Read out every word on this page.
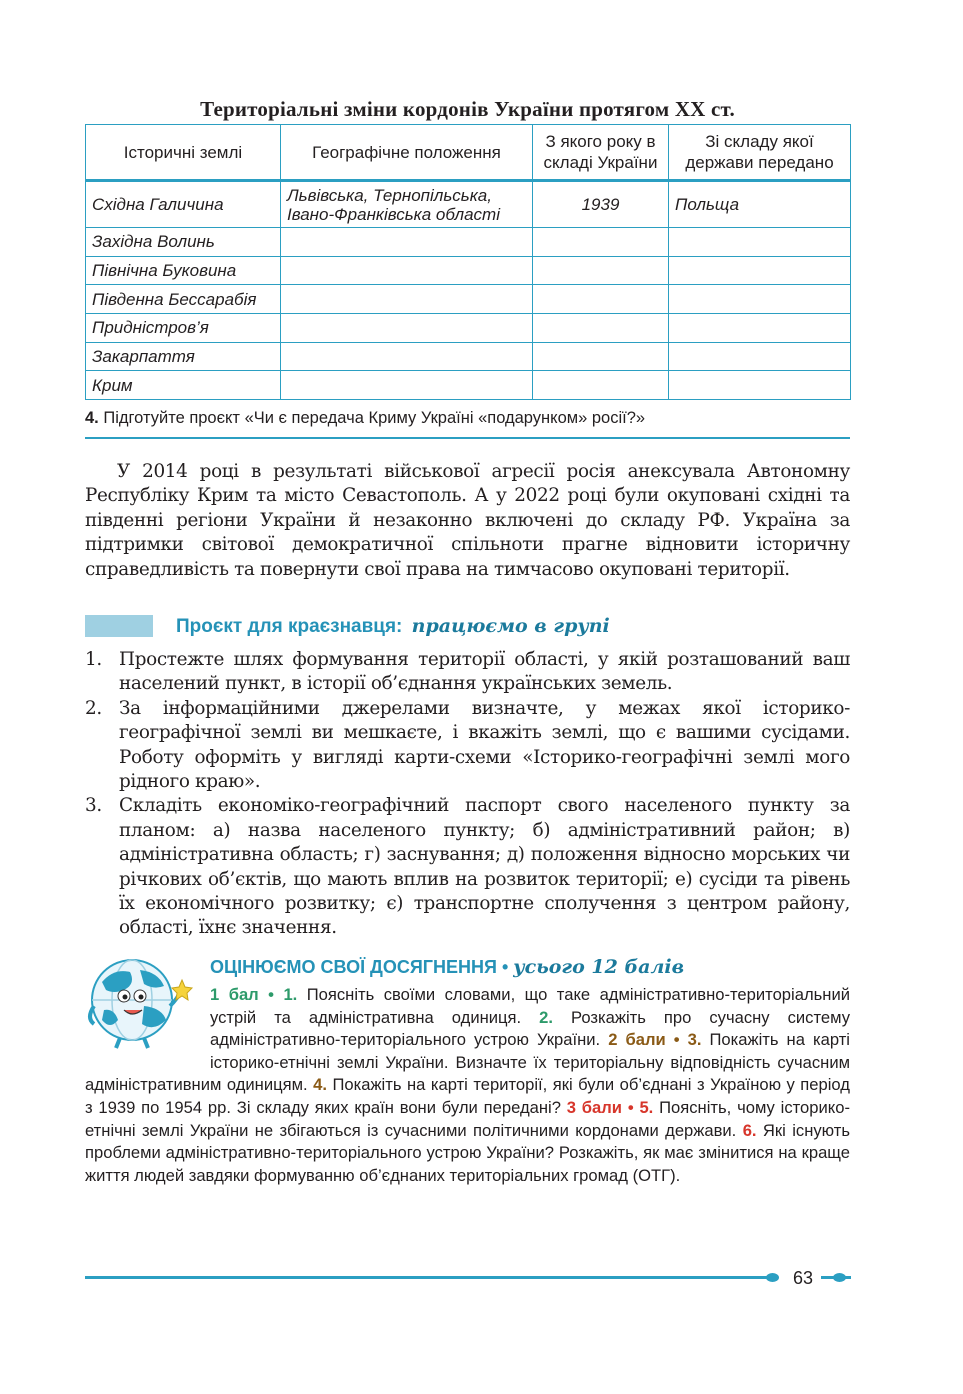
Територіальні зміни кордонів України протягом XX ст.
Історичні землі	Географічне положення	З якого року в складі України	Зі складу якої держави передано
Східна Галичина	Львівська, Тернопільська, Івано-Франківська області	1939	Польща
Західна Волинь			
Північна Буковина			
Південна Бессарабія			
Придністров’я			
Закарпаття			
Крим			
4. Підготуйте проєкт «Чи є передача Криму Україні «подарунком» росії?»

У 2014 році в результаті військової агресії росія анексувала Автономну Республіку Крим та місто Севастополь. А у 2022 році були окуповані східні та південні регіони України й незаконно включені до складу РФ. Україна за підтримки світової демократичної спільноти прагне відновити історичну справедливість та повернути свої права на тимчасово окуповані території.

Проєкт для краєзнавця: працюємо в групі
1. Простежте шлях формування території області, у якій розташований ваш населений пункт, в історії об’єднання українських земель.
2. За інформаційними джерелами визначте, у межах якої історико-географічної землі ви мешкаєте, і вкажіть землі, що є вашими сусідами. Роботу оформіть у вигляді карти-схеми «Історико-географічні землі мого рідного краю».
3. Складіть економіко-географічний паспорт свого населеного пункту за планом: а) назва населеного пункту; б) адміністративний район; в) адміністративна область; г) заснування; д) положення відносно морських чи річкових об’єктів, що мають вплив на розвиток території; е) сусіди та рівень їх економічного розвитку; є) транспортне сполучення з центром району, області, їхнє значення.
ОЦІНЮЄМО СВОЇ ДОСЯГНЕННЯ • усього 12 балів
1 бал • 1. Поясніть своїми словами, що таке адміністративно-територіальний устрій та адміністративна одиниця. 2. Розкажіть про сучасну систему адміністративно-територіального устрою України. 2 бали • 3. Покажіть на карті історико-етнічні землі України. Визначте їх територіальну відповідність сучасним адміністративним одиницям. 4. Покажіть на карті території, які були об’єднані з Україною у період з 1939 по 1954 рр. Зі складу яких країн вони були передані? 3 бали • 5. Поясніть, чому історико-етнічні землі України не збігаються із сучасними політичними кордонами держави. 6. Які існують проблеми адміністративно-територіального устрою України? Розкажіть, як має змінитися на краще життя людей завдяки формуванню об’єднаних територіальних громад (ОТГ).
63
